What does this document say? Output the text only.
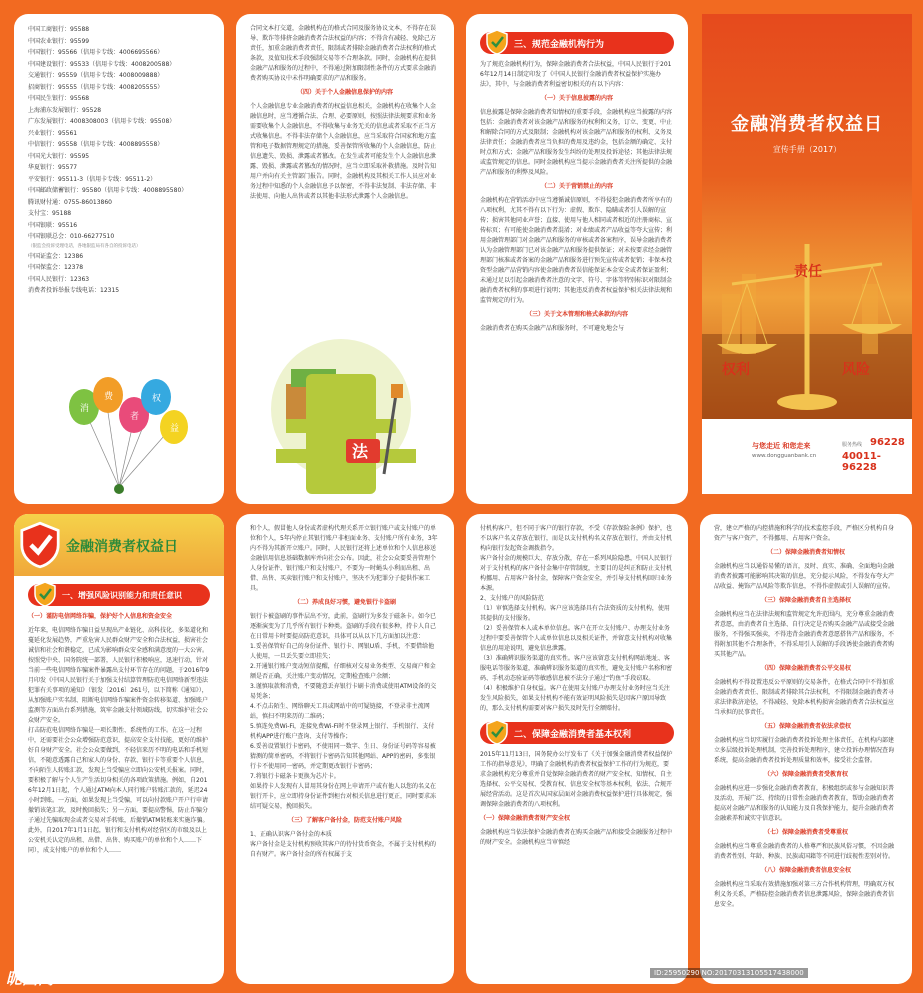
中国工商银行：95588
中国农业银行：95599
中国银行：95566（信用卡专线：4006695566）
中国建设银行：95533（信用卡专线：4008200588）
交通银行：95559（信用卡专线：4008009888）
招商银行：95555（信用卡专线：4008205555）
中国民生银行：95568
上海浦东发展银行：95528
广东发展银行：4008308003（信用卡专线：95508）
兴业银行：95561
中信银行：95558（信用卡专线：4008895558）
中国光大银行：95595
华夏银行：95577
平安银行：95511-3（信用卡专线：95511-2）
中国邮政储蓄银行：95580（信用卡专线：4008895580）
腾讯财付通：0755-86013860
支付宝：95188
中国银联：95516
中国银联总会：010-66277510
（银监会投诉受理电话，各地银监局有各自的投诉电话）
中国证监会：12386
中国保监会：12378
中国人民银行：12363
消费者投诉举报专线电话：12315
消
费
者
权
益
合同文本打交道，金融机构在的格式合同及服务协议文本，不得存在误导、欺诈等排挤金融消费者合法权益的内容；不得含有减轻、免除己方责任，加重金融消费者责任，限制或者排除金融消费者合法权利的格式条款，及值知技术手段强制交易等不合理条款。同时，金融机构在提供金融产品和服务的过程中，不得通过附加限制性条件的方式要求金融消费者购买协议中未作明确要求的产品和服务。
（四）关于个人金融信息保护的内容
个人金融信息专业金融消费者的权益信息相关，金融机构在收集个人金融信息时，应当遵循合法、合理、必要原则，按照法律法规要求和业务需要收集个人金融信息，不得收集与业务无关的信息或者采取不正当方式收集信息。不得非法存储个人金融信息，应当采取符合国家和地方监管和电子数据管理规定的措施，妥善保管所收集的个人金融信息，防止信息遗失、毁损、泄露或者篡改。在发生或者可能发生个人金融信息泄露、毁损、泄露或者篡改的情况时，应当立即采取补救措施。及时告知用户并向有关主管部门报告。同时，金融机构及其相关工作人员应对业务过程中知悉的个人金融信息予以保密，不得非法复制、非法存储、非法使用、向他人出售或者以其他非法形式泄露个人金融信息。
法
三、规范金融机构行为
为了规范金融机构行为，保障金融消费者合法权益，中国人民银行于2016年12月14日制定印发了《中国人民银行金融消费者权益保护实施办法》，其中，与金融消费者利益密切相关的有以下内容：
（一）关于信息披露的内容
信息披露是保障金融消费者知情权的重要手段，金融机构应当披露的内容包括：金融消费者对该金融产品和服务的权利和义务，订立、变更、中止和解除合同的方式及限制；金融机构对该金融产品和服务的权利、义务及法律责任；金融消费者应当负担的费用及违约金，包括金额的确定、支付时点和方式；金融产品和服务发生纠纷的处理及投诉途径；其他法律法规或监管规定的信息。同时金融机构应当提示金融消费者关注所提供的金融产品和服务的利弊及风险。
（二）关于营销禁止的内容
金融机构在营销活动中应当遵循诚信原则，不得侵犯金融消费者所享有的八项权利，尤其不得有以下行为：虚假、欺诈、隐瞒或者引人误解的宣传；损害其他同业声誉；直接、使用与他人相同或者相近的注册商标、宣传标页；有可能使金融消费者混淆；对业绩或者产品收益等夸大宣传；利用金融管理部门对金融产品和服务的审核或者备案程序，误导金融消费者认为金融管理部门已对该金融产品和服务提供保证；对未按要求经金融管理部门核准或者备案的金融产品和服务进行预先宣传或者促销；非保本投资型金融产品营销内容使金融消费者误信能保证本金安全或者保证盈利；未通过足以引起金融消费者注意的文字、符号、字体等特别标识对限制金融消费者权利的事项进行说明；其他违反消费者权益保护相关法律法规和监管规定的行为。
（三）关于文本管理和格式条款的内容
金融消费者在购买金融产品和服务时，不可避免地会与
金融消费者权益日
宣传手册（2017）
责任
权利	风险
与您走近 和您走来
www.dongguanbank.cn
服务热线 96228
40011-96228
金融消费者权益日
一、增强风险识别能力和责任意识
（一）谨防电信网络诈骗，保护好个人信息和资金安全
近年来，电信网络诈骗日益呈现出产业链化、高科技化、多渠道化和蔓延化发展趋势，严重危害人民群众财产安全和合法权益，损害社会诚信和社会和谐稳定，已成为影响群众安全感和满意度的一大公害。按照党中央、国务院统一部署，人民银行积极响应，迅速行动，针对当前一些电信网络诈骗案件暴露出支付环节存在的问题，于2016年9月印发《中国人民银行关于加强支付结算管理防范电信网络新型违法犯罪有关事项的通知》（银发〔2016〕261号，以下简称《通知》），从加强账户实名制、阻断电信网络诈骗案件资金转移渠道、加强账户监测等方面出台系列措施，筑牢金融支付领域防线，切实维护社会公众财产安全。
打击防范电信网络诈骗是一项长期性、系统性的工作。在这一过程中，还需要社会公众增强防范意识，提高安全支付技能，更好的维护好自身财产安全。社会公众要做到，不轻信来历不明的电话和手机短信，不随意透露自己和家人的身份、存款、银行卡等重要个人信息，不向陌生人转账汇款，发现上当受骗应立即向公安机关报案。同时，要积极了解与个人生产生活切身相关的各项政策措施。例如，自2016年12月1日起，个人通过ATM向本人同行账户转账汇款的，延迟24小时到账。一方面，如果发现上当受骗，可以向付款账户开户行申请撤销该笔汇款，及时挽回损失；另一方面，要提高警惕，防止诈骗分子通过先骗取现金或者交易对手转账，后撤销ATM转账来实施诈骗。
此外，自2017年1月1日起，银行和支付机构对经营区的市级及以上公安机关认定的出租、出借、出售、购买账户的单位和个人……下同），成支付账户的单位和个人……
和个人，假冒他人身份或者虚构代理关系开立银行账户或支付账户的单位和个人，5年内停止其银行账户非柜面业务、支付账户所有业务，3年内不得为其新开立账户。同时，人民银行还将上述单位和个人信息移送金融信用信息基础数据库并向社会公布。因此，社会公众要妥善管理个人身份证件、银行账户和支付账户，不要为一时蝇头小利而出租、出借、出售、买卖银行账户和支付账户，坚决不为犯罪分子提供作案工具。
（二）养成良好习惯，避免银行卡盗刷
银行卡被盗刷的事件层出不穷，此前，盗刷行为多发于磁条卡。如今已逐渐演变为了几乎所有银行卡种类。盗刷的手段有很多种，持卡人自己在日常用卡时要提高防范意识，具体可以从以下几方面加以注意：
1.妥善保管好自己的身份证件、银行卡、网银U盾、手机，不要借给他人使用，一旦丢失要立即挂失；
2.开通银行账户变动短信提醒，仔细核对交易业务类型、交易商户和金额是否正确，关注账户变动情况，定期检查账户余额；
3.谨慎取款和消费，不要随意丢弃银行卡刷卡消费或使用ATM设备的交易凭条；
4.不点击陌生、网络聊天工具或网站中的可疑链接，不登录非主流网站，慎扫不明来历的二维码；
5.慎连免费Wi-Fi，连接免费Wi-Fi时不登录网上银行、手机银行、支付机构APP进行账户查询、支付等操作；
6.妥善设置银行卡密码，不使用同一数字、生日、身份证号码等容易被猜测的简单密码，不将银行卡密码告知其他网站、APP的密码，多张银行卡不使用同一密码，并定期更改银行卡密码；
7.将银行卡磁条卡更换为芯片卡。
如果持卡人发现有人冒用其身份在网上申请开户或有他人以您的名义在银行开卡，应立即持身份证件到柜台对相关信息进行更正，同时要求冻结可疑交易，挽回损失。
（三）了解客户备付金，防范支付账户风险
1、正确认识客户备付金的本质
客户备付金是支付机构预收其客户的待付货币资金，不属于支付机构的自有财产。客户备付金的所有权属于支
付机构客户，但不同于客户的银行存款，不受《存款保险条例》保护，也不以客户名义存放在银行，而是以支付机构名义存放在银行，并由支付机构向银行发起资金调拨指令。
客户备付金的规模巨大、存放分散，存在一系列风险隐患，中国人民银行对于支付机构的客户备付金集中存管制度，主要目的是纠正和防止支付机构挪用、占用客户备付金，保障客户资金安全，并引导支付机构回归业务本源。
2、支付账户的风险防范
（1）审慎选择支付机构。客户应该选择具有合法资质的支付机构，使用其提供的支付服务。
（2）妥善保管本人或本单位信息。客户在开立支付账户、办理支付业务过程中要妥善保管个人或单位信息以及相关证件，并留意支付机构对收集信息的用途说明，避免信息泄露。
（3）准确辨识服务渠道的真实性。客户应该留意支付机构网站地址、客服电话等服务渠道，准确辨识服务渠道的真实性，避免支付账户名称和密码、手机动态验证码等敏感信息被不法分子通过“钓鱼”手段窃取。
（4）积极维护自身权益。客户在使用支付账户办理支付业务时应当关注发生风险损失，如果支付机构不能有效证明风险损失是因客户原因导致的，那么支付机构需要对客户损失及时先行全额赔付。
二、保障金融消费者基本权利
2015年11月13日，国务院办公厅发布了《关于加强金融消费者权益保护工作的指导意见》，明确了金融机构消费者权益保护工作的行为规范，要求金融机构充分尊重并自觉保障金融消费者的财产安全权、知情权、自主选择权、公平交易权、受教育权、信息安全权等基本权利，依法、合规开展经营活动。这是首次从国家层面对金融消费权益保护进行具体规定，强调保障金融消费者的八项权利。
（一）保障金融消费者财产安全权
金融机构应当依法保护金融消费者在购买金融产品和接受金融服务过程中的财产安全。金融机构应当审慎经
营，建立严格的内控措施和科学的技术监控手段，严格区分机构自身资产与客户资产，不得挪用、占用客户资金。
（二）保障金融消费者知情权
金融机构应当以通俗易懂的语言，及时、真实、准确、全面地向金融消费者披露可能影响其决策的信息，充分提示风险，不得发布夸大产品收益、掩饰产品风险等欺诈信息，不得作虚假或引人误解的宣传。
（三）保障金融消费者自主选择权
金融机构应当在法律法规和监管规定允许范围内，充分尊重金融消费者意愿，由消费者自主选择、自行决定是否购买金融产品或接受金融服务，不得强买强卖，不得违背金融消费者意愿搭售产品和服务，不得附加其他不合理条件，不得采用引人误解的手段诱使金融消费者购买其他产品。
（四）保障金融消费者公平交易权
金融机构不得设置违反公平原则的交易条件，在格式合同中不得加重金融消费者责任、限制或者排除其合法权利，不得限制金融消费者寻求法律救济途径，不得减轻、免除本机构损害金融消费者合法权益应当承担的民事责任。
（五）保障金融消费者依法求偿权
金融机构应当切实履行金融消费者投诉处理主体责任，在机构内部建立多层级投诉处理机制，完善投诉处理程序，建立投诉办理情况查询系统，提高金融消费者投诉处理质量和效率，接受社会监督。
（六）保障金融消费者受教育权
金融机构应进一步强化金融消费者教育，积极组织或参与金融知识普及活动，开展广泛、持续的日常性金融消费者教育，帮助金融消费者提高对金融产品和服务的认知能力及自我保护能力，提升金融消费者金融素养和诚实守信意识。
（七）保障金融消费者受尊重权
金融机构应当尊重金融消费者的人格尊严和民族风俗习惯，不因金融消费者性别、年龄、种族、民族或国籍等不同进行歧视性差别对待。
（八）保障金融消费者信息安全权
金融机构应当采取有效措施加强对第三方合作机构管理，明确双方权利义务关系，严格防控金融消费者信息泄露风险，保障金融消费者信息安全。
昵图网	ID:25950290 NO:20170313105517438000
